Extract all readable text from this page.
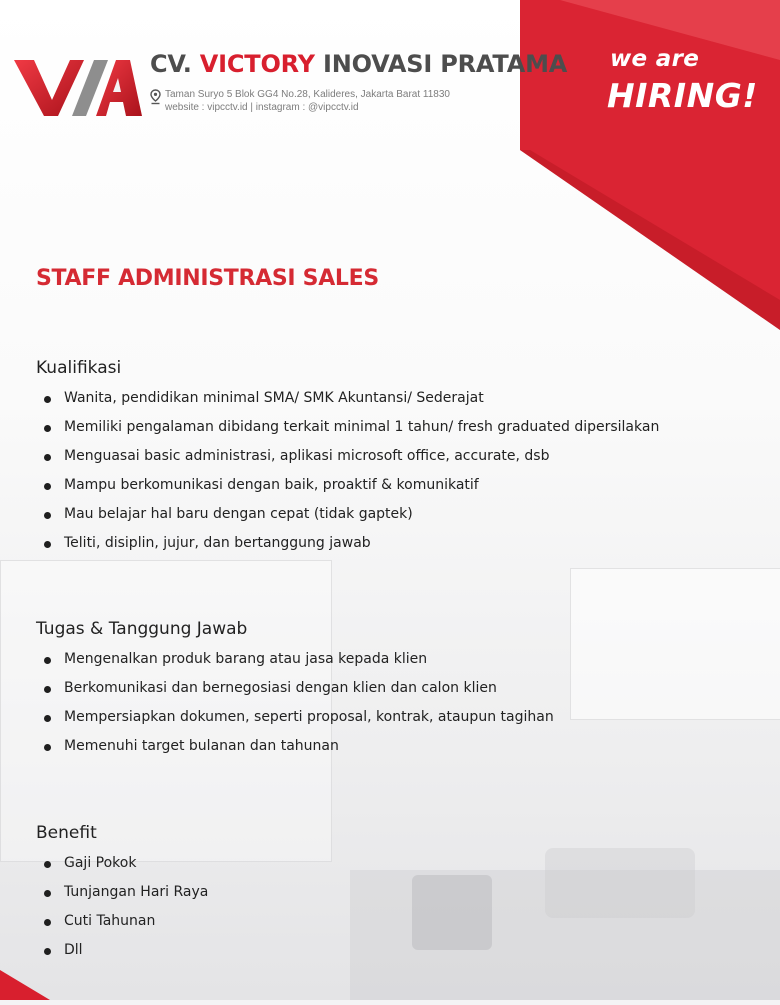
we are
HIRING!
CV. VICTORY INOVASI PRATAMA
Taman Suryo 5 Blok GG4 No.28, Kalideres, Jakarta Barat 11830
website : vipcctv.id | instagram : @vipcctv.id
STAFF ADMINISTRASI SALES
Kualifikasi
Wanita, pendidikan minimal SMA/ SMK Akuntansi/ Sederajat
Memiliki pengalaman dibidang terkait minimal 1 tahun/ fresh graduated dipersilakan
Menguasai basic administrasi, aplikasi microsoft office, accurate, dsb
Mampu berkomunikasi dengan baik, proaktif & komunikatif
Mau belajar hal baru dengan cepat (tidak gaptek)
Teliti, disiplin, jujur, dan bertanggung jawab
Tugas & Tanggung Jawab
Mengenalkan produk barang atau jasa kepada klien
Berkomunikasi dan bernegosiasi dengan klien dan calon klien
Mempersiapkan dokumen, seperti proposal, kontrak, ataupun tagihan
Memenuhi target bulanan dan tahunan
Benefit
Gaji Pokok
Tunjangan Hari Raya
Cuti Tahunan
Dll
